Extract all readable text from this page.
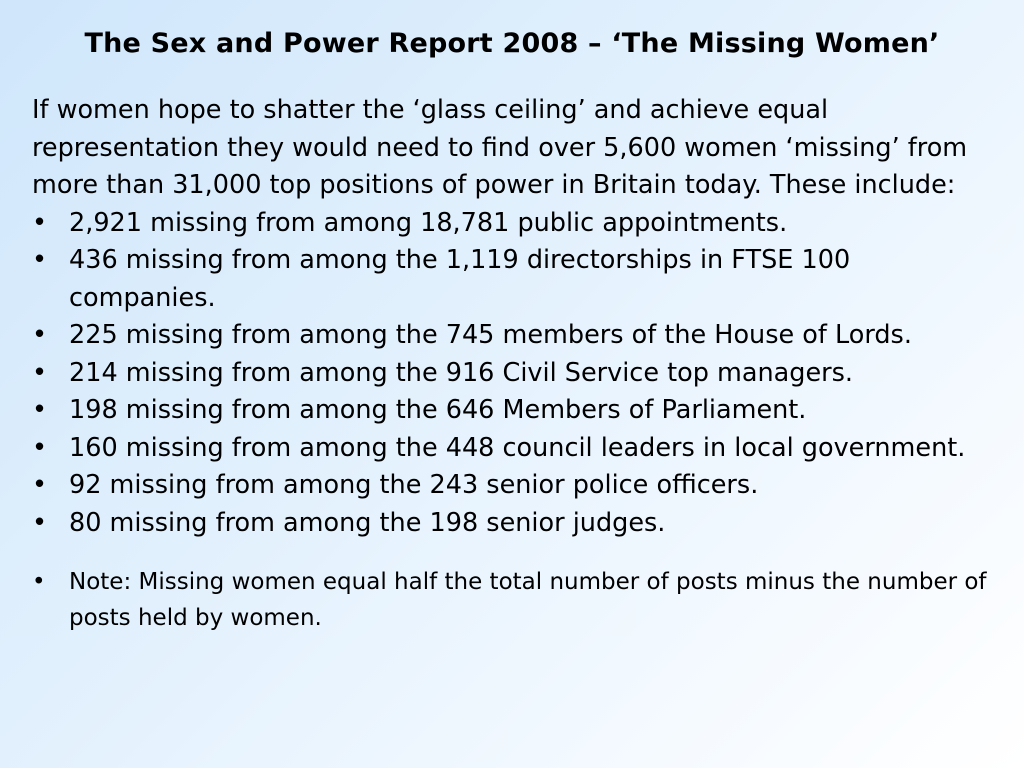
The Sex and Power Report 2008 – ‘The Missing Women’

If women hope to shatter the ‘glass ceiling’ and achieve equal representation they would need to find over 5,600 women ‘missing’ from more than 31,000 top positions of power in Britain today. These include:

• 2,921 missing from among 18,781 public appointments.
• 436 missing from among the 1,119 directorships in FTSE 100 companies.
• 225 missing from among the 745 members of the House of Lords.
• 214 missing from among the 916 Civil Service top managers.
• 198 missing from among the 646 Members of Parliament.
• 160 missing from among the 448 council leaders in local government.
• 92 missing from among the 243 senior police officers.
• 80 missing from among the 198 senior judges.
• Note: Missing women equal half the total number of posts minus the number of posts held by women.
